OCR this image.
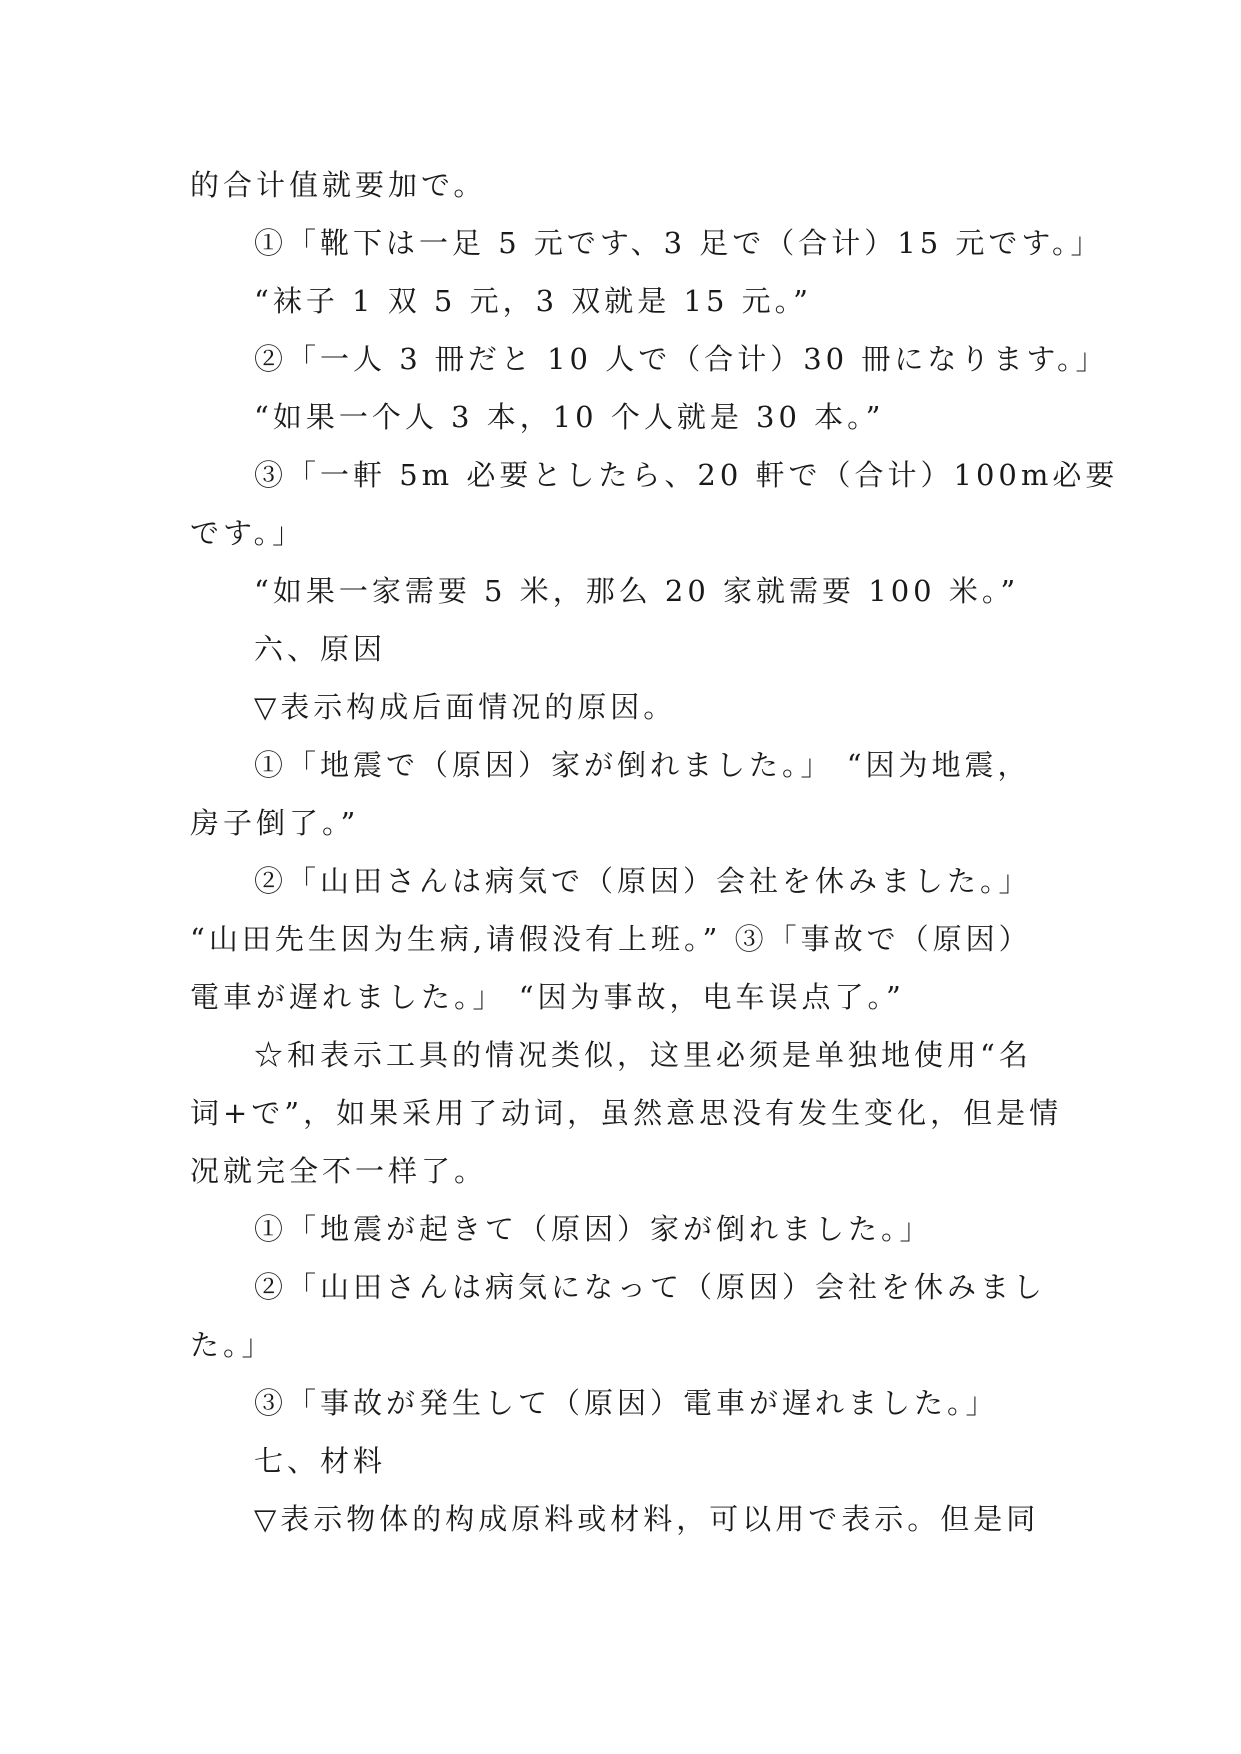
的合计值就要加で。
①「靴下は一足 5 元です、3 足で（合计）15 元です。」
“袜子 1 双 5 元，3 双就是 15 元。”
②「一人 3 冊だと 10 人で（合计）30 冊になります。」
“如果一个人 3 本，10 个人就是 30 本。”
③「一軒 5m 必要としたら、20 軒で（合计）100m必要
です。」
“如果一家需要 5 米，那么 20 家就需要 100 米。”
六、原因
▽表示构成后面情况的原因。
①「地震で（原因）家が倒れました。」 “因为地震，
房子倒了。”
②「山田さんは病気で（原因）会社を休みました。」
“山田先生因为生病,请假没有上班。” ③「事故で（原因）
電車が遅れました。」 “因为事故，电车误点了。”
☆和表示工具的情况类似，这里必须是单独地使用“名
词+で”，如果采用了动词，虽然意思没有发生变化，但是情
况就完全不一样了。
①「地震が起きて（原因）家が倒れました。」
②「山田さんは病気になって（原因）会社を休みまし
た。」
③「事故が発生して（原因）電車が遅れました。」
七、材料
▽表示物体的构成原料或材料，可以用で表示。但是同
